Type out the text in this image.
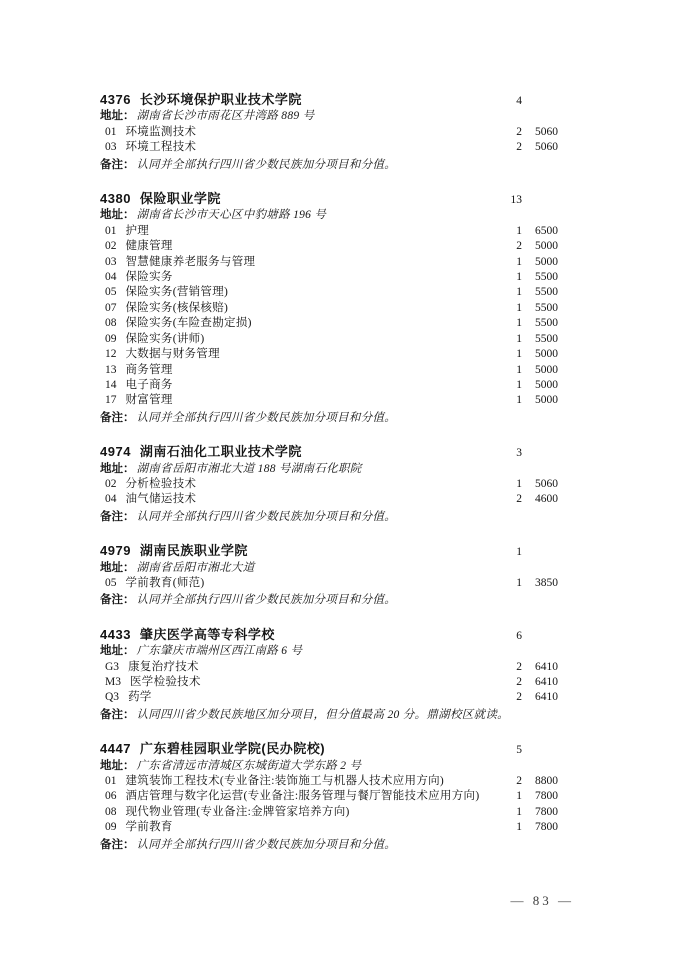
4376 长沙环境保护职业技术学院	4
地址： 湖南省长沙市雨花区井湾路 889 号
01 环境监测技术	2	5060
03 环境工程技术	2	5060
备注： 认同并全部执行四川省少数民族加分项目和分值。
4380 保险职业学院	13
地址： 湖南省长沙市天心区中豹塘路 196 号
01 护理	1	6500
02 健康管理	2	5000
03 智慧健康养老服务与管理	1	5000
04 保险实务	1	5500
05 保险实务(营销管理)	1	5500
07 保险实务(核保核赔)	1	5500
08 保险实务(车险查勘定损)	1	5500
09 保险实务(讲师)	1	5500
12 大数据与财务管理	1	5000
13 商务管理	1	5000
14 电子商务	1	5000
17 财富管理	1	5000
备注： 认同并全部执行四川省少数民族加分项目和分值。
4974 湖南石油化工职业技术学院	3
地址： 湖南省岳阳市湘北大道 188 号湖南石化职院
02 分析检验技术	1	5060
04 油气储运技术	2	4600
备注： 认同并全部执行四川省少数民族加分项目和分值。
4979 湖南民族职业学院	1
地址： 湖南省岳阳市湘北大道
05 学前教育(师范)	1	3850
备注： 认同并全部执行四川省少数民族加分项目和分值。
4433 肇庆医学高等专科学校	6
地址： 广东肇庆市端州区西江南路 6 号
G3 康复治疗技术	2	6410
M3 医学检验技术	2	6410
Q3 药学	2	6410
备注： 认同四川省少数民族地区加分项目，但分值最高 20 分。鼎湖校区就读。
4447 广东碧桂园职业学院(民办院校)	5
地址： 广东省清远市清城区东城街道大学东路 2 号
01 建筑装饰工程技术(专业备注:装饰施工与机器人技术应用方向)	2	8800
06 酒店管理与数字化运营(专业备注:服务管理与餐厅智能技术应用方向)	1	7800
08 现代物业管理(专业备注:金牌管家培养方向)	1	7800
09 学前教育	1	7800
备注： 认同并全部执行四川省少数民族加分项目和分值。
— 83 —
